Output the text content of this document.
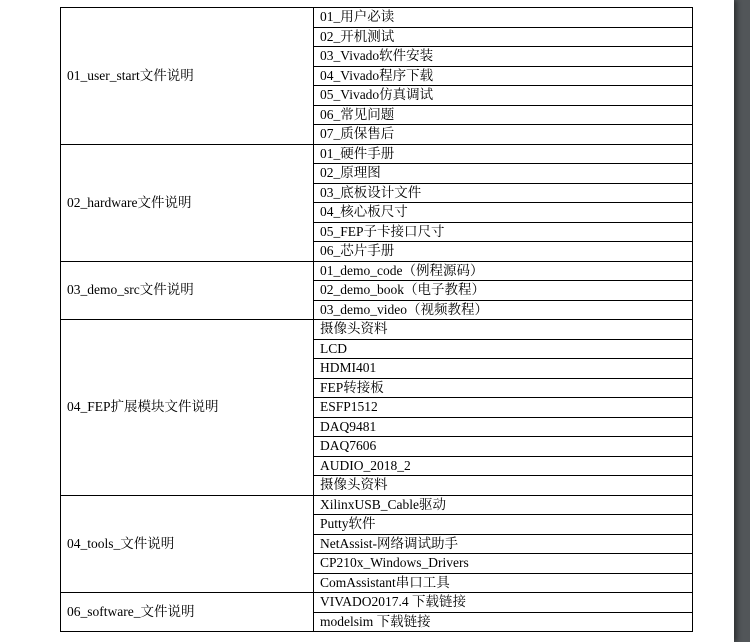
01_user_start文件说明	01_用户必读
	02_开机测试
	03_Vivado软件安装
	04_Vivado程序下载
	05_Vivado仿真调试
	06_常见问题
	07_质保售后
02_hardware文件说明	01_硬件手册
	02_原理图
	03_底板设计文件
	04_核心板尺寸
	05_FEP子卡接口尺寸
	06_芯片手册
03_demo_src文件说明	01_demo_code（例程源码）
	02_demo_book（电子教程）
	03_demo_video（视频教程）
04_FEP扩展模块文件说明	摄像头资料
	LCD
	HDMI401
	FEP转接板
	ESFP1512
	DAQ9481
	DAQ7606
	AUDIO_2018_2
	摄像头资料
04_tools_文件说明	XilinxUSB_Cable驱动
	Putty软件
	NetAssist-网络调试助手
	CP210x_Windows_Drivers
	ComAssistant串口工具
06_software_文件说明	VIVADO2017.4 下载链接
	modelsim 下载链接
